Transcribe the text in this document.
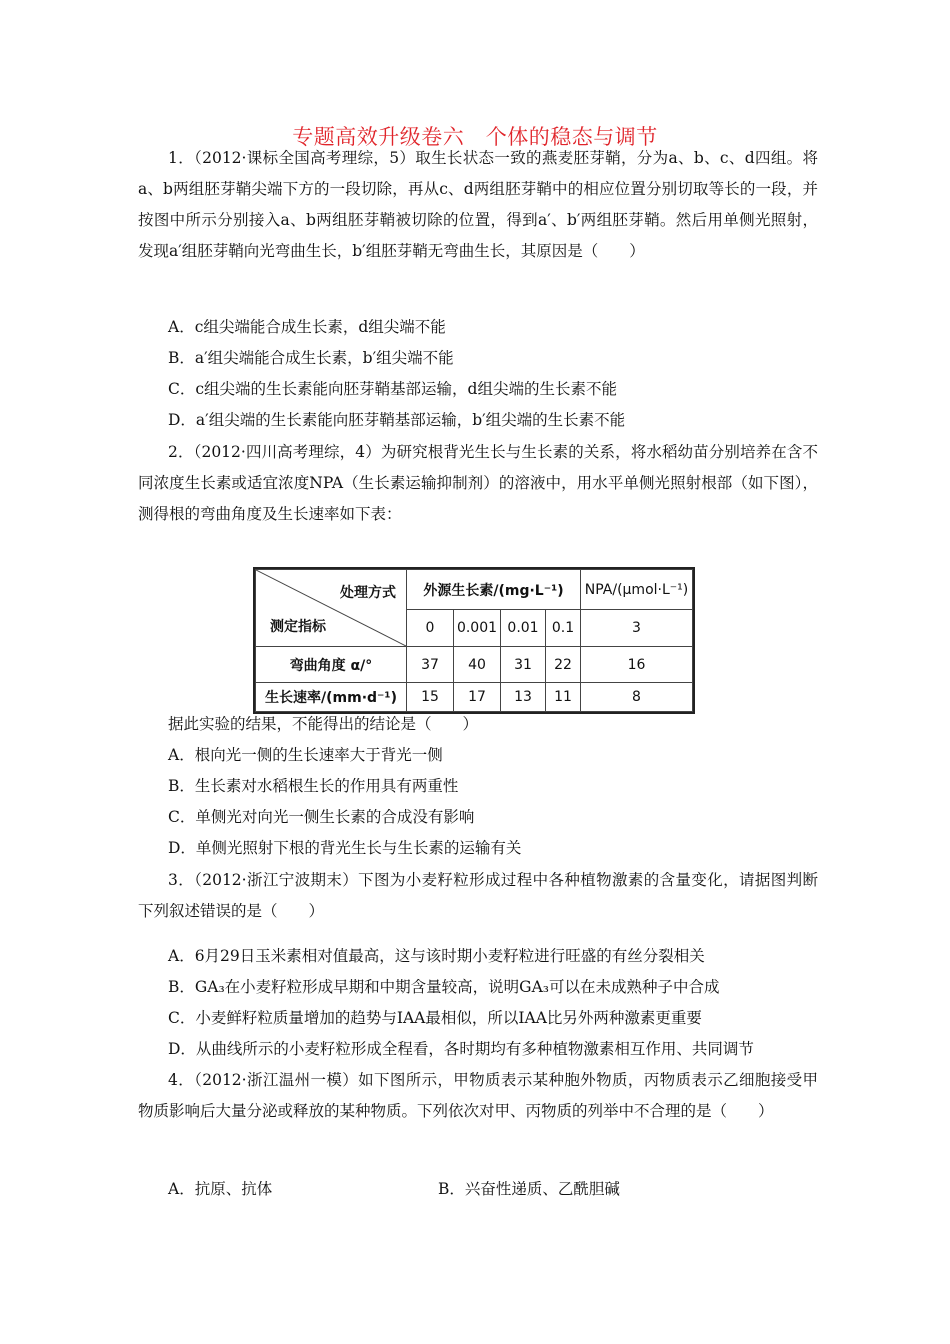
专题高效升级卷六　个体的稳态与调节
1．（2012·课标全国高考理综，5）取生长状态一致的燕麦胚芽鞘，分为a、b、c、d四组。将a、b两组胚芽鞘尖端下方的一段切除，再从c、d两组胚芽鞘中的相应位置分别切取等长的一段，并按图中所示分别接入a、b两组胚芽鞘被切除的位置，得到a′、b′两组胚芽鞘。然后用单侧光照射，发现a′组胚芽鞘向光弯曲生长，b′组胚芽鞘无弯曲生长，其原因是（　　）
A．c组尖端能合成生长素，d组尖端不能
B．a′组尖端能合成生长素，b′组尖端不能
C．c组尖端的生长素能向胚芽鞘基部运输，d组尖端的生长素不能
D．a′组尖端的生长素能向胚芽鞘基部运输，b′组尖端的生长素不能
2．（2012·四川高考理综，4）为研究根背光生长与生长素的关系，将水稻幼苗分别培养在含不同浓度生长素或适宜浓度NPA（生长素运输抑制剂）的溶液中，用水平单侧光照射根部（如下图），测得根的弯曲角度及生长速率如下表：
处理方式
测定指标	外源生长素/(mg·L⁻¹)				NPA/(μmol·L⁻¹)
	0	0.001	0.01	0.1	3
弯曲角度 α/°	37	40	31	22	16
生长速率/(mm·d⁻¹)	15	17	13	11	8
据此实验的结果，不能得出的结论是（　　）
A．根向光一侧的生长速率大于背光一侧
B．生长素对水稻根生长的作用具有两重性
C．单侧光对向光一侧生长素的合成没有影响
D．单侧光照射下根的背光生长与生长素的运输有关
3．（2012·浙江宁波期末）下图为小麦籽粒形成过程中各种植物激素的含量变化，请据图判断下列叙述错误的是（　　）
A．6月29日玉米素相对值最高，这与该时期小麦籽粒进行旺盛的有丝分裂相关
B．GA₃在小麦籽粒形成早期和中期含量较高，说明GA₃可以在未成熟种子中合成
C．小麦鲜籽粒质量增加的趋势与IAA最相似，所以IAA比另外两种激素更重要
D．从曲线所示的小麦籽粒形成全程看，各时期均有多种植物激素相互作用、共同调节
4．（2012·浙江温州一模）如下图所示，甲物质表示某种胞外物质，丙物质表示乙细胞接受甲物质影响后大量分泌或释放的某种物质。下列依次对甲、丙物质的列举中不合理的是（　　）
A．抗原、抗体	B．兴奋性递质、乙酰胆碱
